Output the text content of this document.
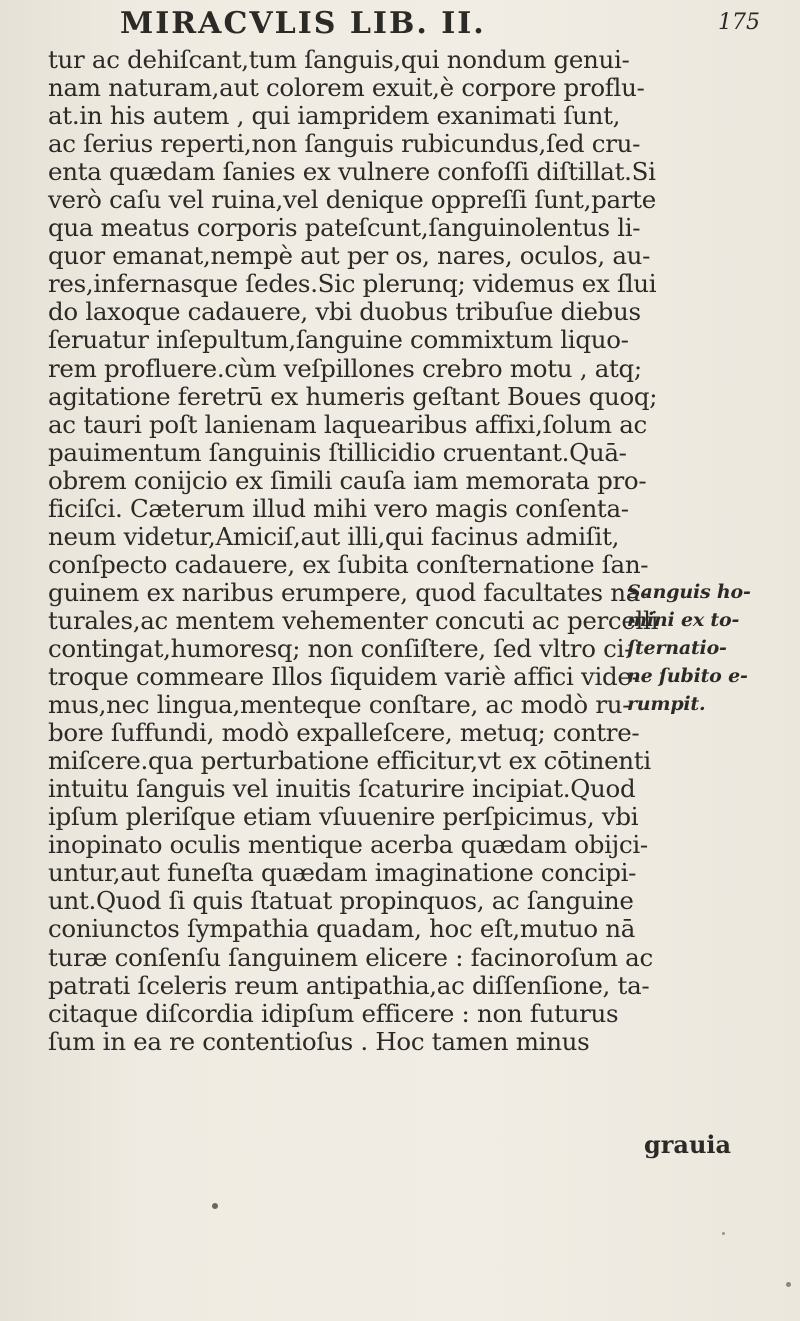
MIRACVLIS LIB. II.	175
tur ac dehiſcant,tum ſanguis,qui nondum genui-
nam naturam,aut colorem exuit,è corpore proflu-
at.in his autem , qui iampridem exanimati ſunt,
ac ſerius reperti,non ſanguis rubicundus,ſed cru-
enta quædam ſanies ex vulnere confoſſi diſtillat.Si
verò caſu vel ruina,vel denique oppreſſi ſunt,parte
qua meatus corporis pateſcunt,ſanguinolentus li-
quor emanat,nempè aut per os, nares, oculos, au-
res,infernasque ſedes.Sic plerunq; videmus ex ſlui
do laxoque cadauere, vbi duobus tribuſue diebus
ſeruatur inſepultum,ſanguine commixtum liquo-
rem profluere.cùm veſpillones crebro motu , atq;
agitatione feretrū ex humeris geſtant Boues quoq;
ac tauri poſt lanienam laquearibus affixi,ſolum ac
pauimentum ſanguinis ſtillicidio cruentant.Quā-
obrem conijcio ex ſimili cauſa iam memorata pro-
ficiſci. Cæterum illud mihi vero magis conſenta-
neum videtur,Amiciſ,aut illi,qui facinus admiſit,
conſpecto cadauere, ex ſubita conſternatione ſan-
guinem ex naribus erumpere, quod facultates na-
turales,ac mentem vehementer concuti ac percelli
contingat,humoresq; non conſiſtere, ſed vltro ci-
troque commeare Illos ſiquidem variè affici vide-
mus,nec lingua,menteque conſtare, ac modò ru-
bore ſuffundi, modò expalleſcere, metuq; contre-
miſcere.qua perturbatione efficitur,vt ex cōtinenti
intuitu ſanguis vel inuitis ſcaturire incipiat.Quod
ipſum pleriſque etiam vſuuenire perſpicimus, vbi
inopinato oculis mentique acerba quædam obijci-
untur,aut funeſta quædam imaginatione concipi-
unt.Quod ſi quis ſtatuat propinquos, ac ſanguine
coniunctos ſympathia quadam, hoc eſt,mutuo nā
turæ conſenſu ſanguinem elicere : facinoroſum ac
patrati ſceleris reum antipathia,ac diſſenſione, ta-
citaque diſcordia idipſum efficere : non futurus
ſum in ea re contentioſus . Hoc tamen minus
Sanguis ho-
mini ex to-
ſternatio-
ne ſubito e-
rumpit.
grauia
